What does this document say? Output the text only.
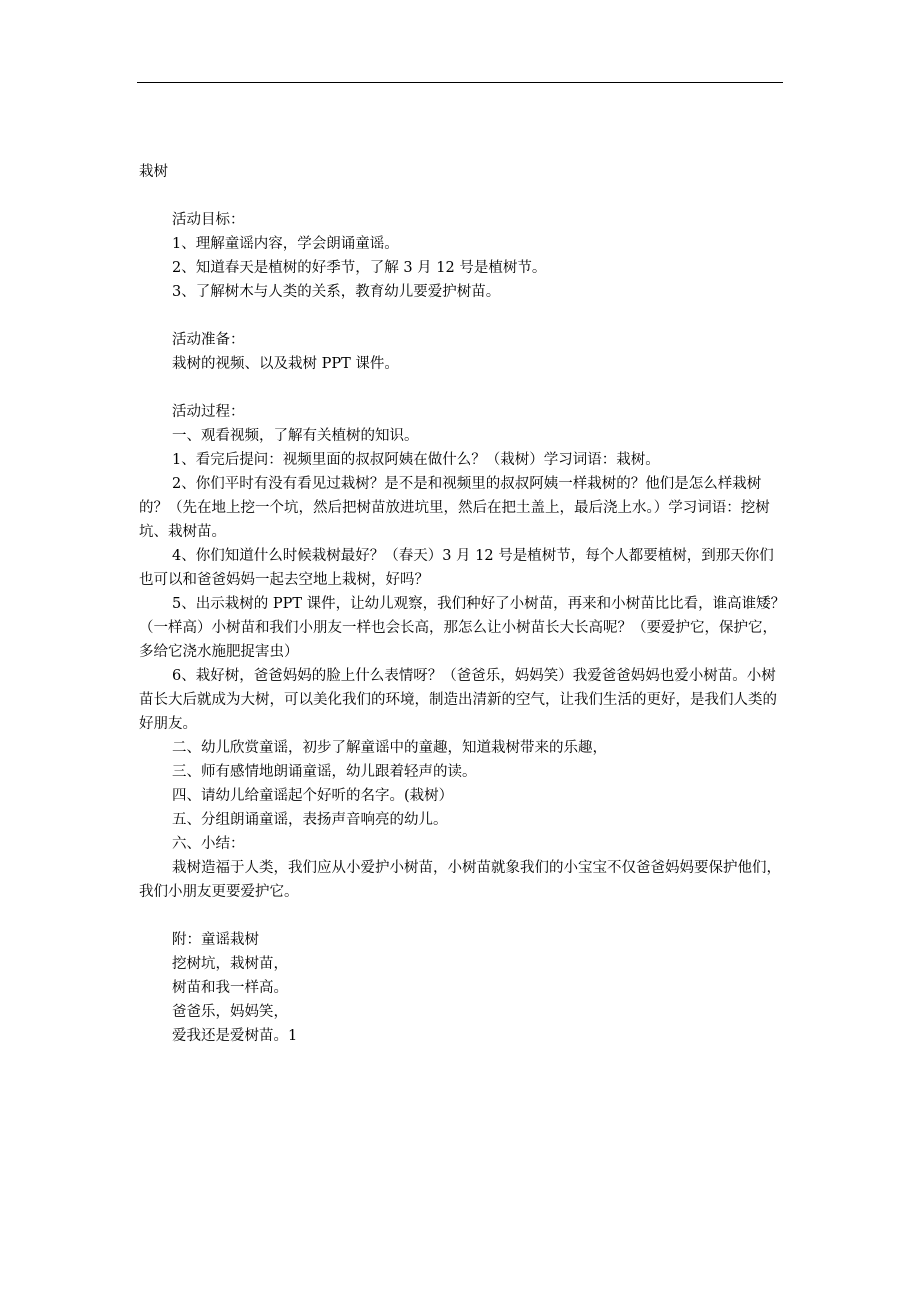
栽树
活动目标：
1、理解童谣内容，学会朗诵童谣。
2、知道春天是植树的好季节，了解 3 月 12 号是植树节。
3、了解树木与人类的关系，教育幼儿要爱护树苗。
活动准备：
栽树的视频、以及栽树 PPT 课件。
活动过程：
一、观看视频，了解有关植树的知识。
1、看完后提问：视频里面的叔叔阿姨在做什么？（栽树）学习词语：栽树。
2、你们平时有没有看见过栽树？是不是和视频里的叔叔阿姨一样栽树的？他们是怎么样栽树的？（先在地上挖一个坑，然后把树苗放进坑里，然后在把土盖上，最后浇上水。）学习词语：挖树坑、栽树苗。
4、你们知道什么时候栽树最好？（春天）3 月 12 号是植树节，每个人都要植树，到那天你们也可以和爸爸妈妈一起去空地上栽树，好吗？
5、出示栽树的 PPT 课件，让幼儿观察，我们种好了小树苗，再来和小树苗比比看，谁高谁矮？（一样高）小树苗和我们小朋友一样也会长高，那怎么让小树苗长大长高呢？（要爱护它，保护它，多给它浇水施肥捉害虫）
6、栽好树，爸爸妈妈的脸上什么表情呀？（爸爸乐，妈妈笑）我爱爸爸妈妈也爱小树苗。小树苗长大后就成为大树，可以美化我们的环境，制造出清新的空气，让我们生活的更好，是我们人类的好朋友。
二、幼儿欣赏童谣，初步了解童谣中的童趣，知道栽树带来的乐趣，
三、师有感情地朗诵童谣，幼儿跟着轻声的读。
四、请幼儿给童谣起个好听的名字。(栽树）
五、分组朗诵童谣，表扬声音响亮的幼儿。
六、小结：
栽树造福于人类，我们应从小爱护小树苗，小树苗就象我们的小宝宝不仅爸爸妈妈要保护他们，我们小朋友更要爱护它。
附：童谣栽树
挖树坑，栽树苗，
树苗和我一样高。
爸爸乐，妈妈笑，
爱我还是爱树苗。1
